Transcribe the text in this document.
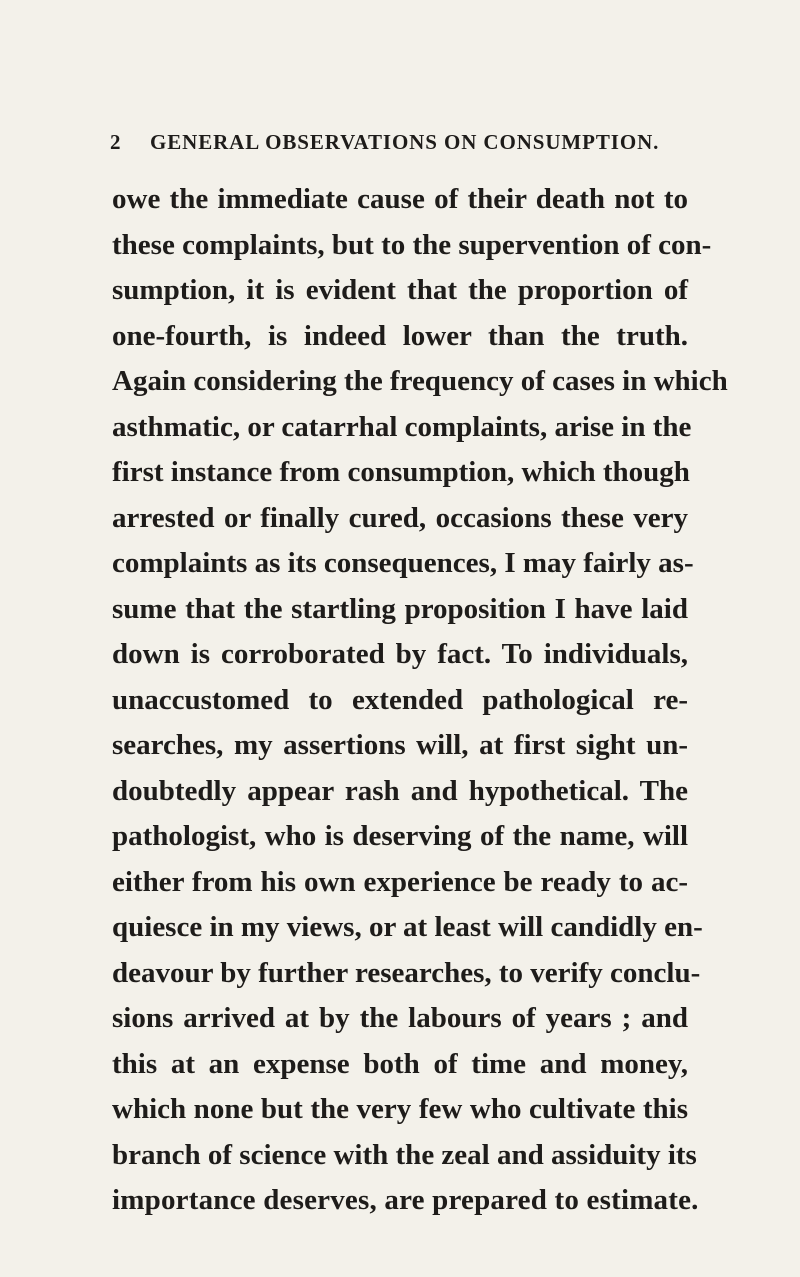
2 GENERAL OBSERVATIONS ON CONSUMPTION.
owe the immediate cause of their death not to
these complaints, but to the supervention of con-
sumption, it is evident that the proportion of
one-fourth, is indeed lower than the truth.
Again considering the frequency of cases in which
asthmatic, or catarrhal complaints, arise in the
first instance from consumption, which though
arrested or finally cured, occasions these very
complaints as its consequences, I may fairly as-
sume that the startling proposition I have laid
down is corroborated by fact. To individuals,
unaccustomed to extended pathological re-
searches, my assertions will, at first sight un-
doubtedly appear rash and hypothetical. The
pathologist, who is deserving of the name, will
either from his own experience be ready to ac-
quiesce in my views, or at least will candidly en-
deavour by further researches, to verify conclu-
sions arrived at by the labours of years ; and
this at an expense both of time and money,
which none but the very few who cultivate this
branch of science with the zeal and assiduity its
importance deserves, are prepared to estimate.
